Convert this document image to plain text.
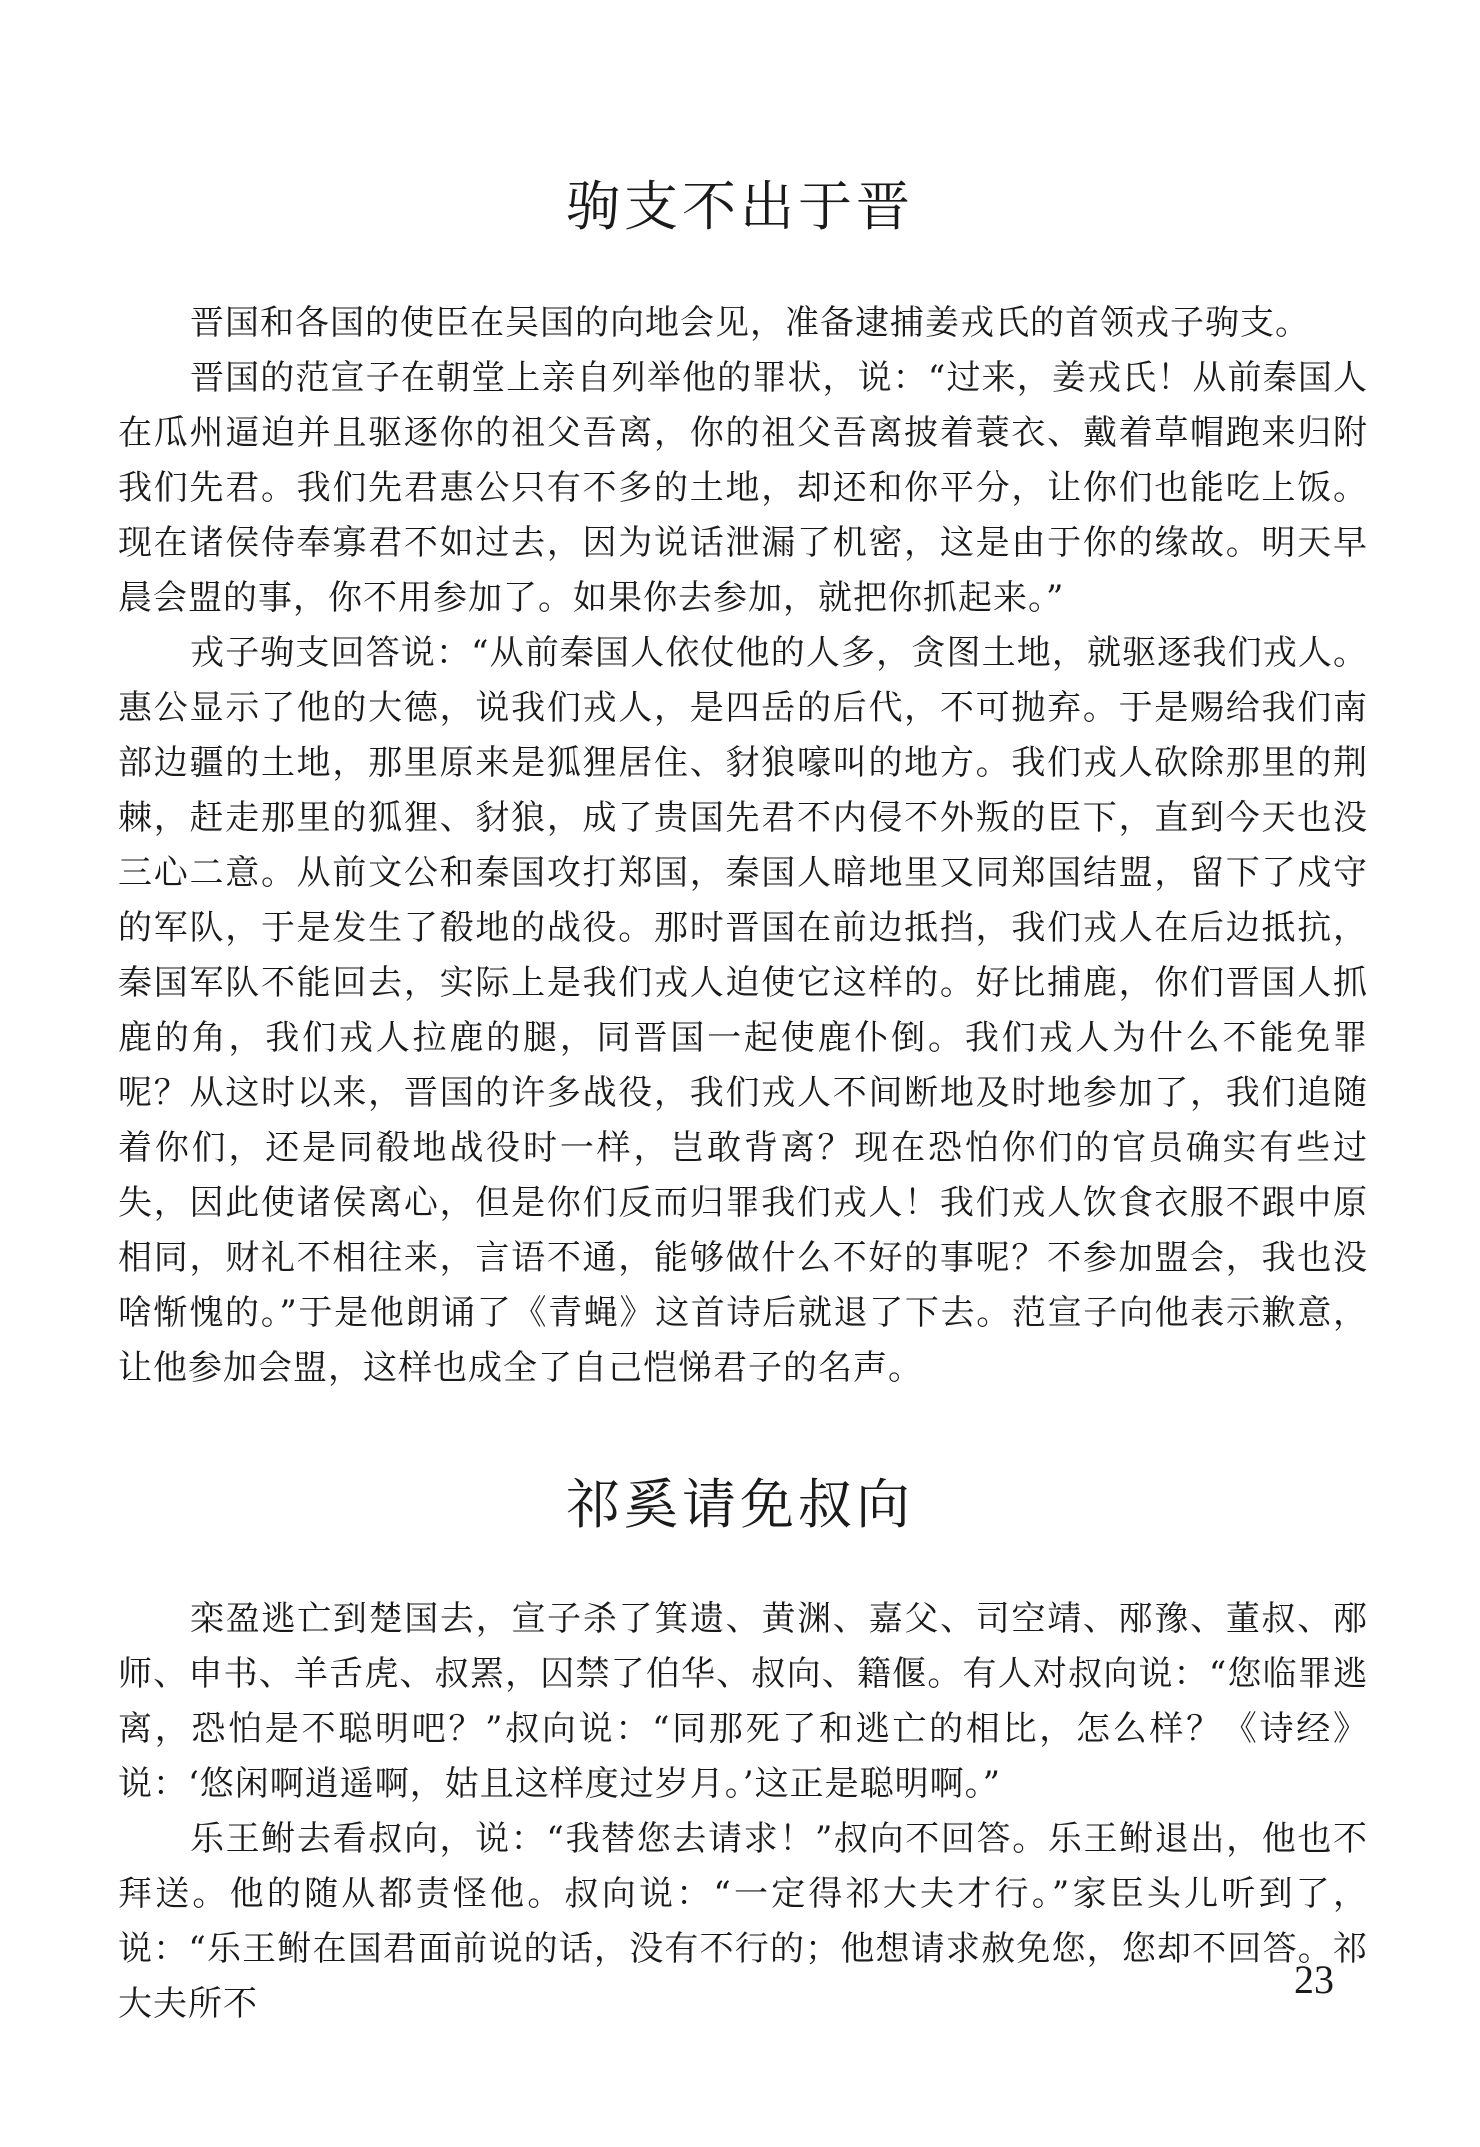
驹支不出于晋

晋国和各国的使臣在吴国的向地会见，准备逮捕姜戎氏的首领戎子驹支。

晋国的范宣子在朝堂上亲自列举他的罪状，说：“过来，姜戎氏！从前秦国人在瓜州逼迫并且驱逐你的祖父吾离，你的祖父吾离披着蓑衣、戴着草帽跑来归附我们先君。我们先君惠公只有不多的土地，却还和你平分，让你们也能吃上饭。现在诸侯侍奉寡君不如过去，因为说话泄漏了机密，这是由于你的缘故。明天早晨会盟的事，你不用参加了。如果你去参加，就把你抓起来。”

戎子驹支回答说：“从前秦国人依仗他的人多，贪图土地，就驱逐我们戎人。惠公显示了他的大德，说我们戎人，是四岳的后代，不可抛弃。于是赐给我们南部边疆的土地，那里原来是狐狸居住、豺狼嚎叫的地方。我们戎人砍除那里的荆棘，赶走那里的狐狸、豺狼，成了贵国先君不内侵不外叛的臣下，直到今天也没三心二意。从前文公和秦国攻打郑国，秦国人暗地里又同郑国结盟，留下了戍守的军队，于是发生了殽地的战役。那时晋国在前边抵挡，我们戎人在后边抵抗，秦国军队不能回去，实际上是我们戎人迫使它这样的。好比捕鹿，你们晋国人抓鹿的角，我们戎人拉鹿的腿，同晋国一起使鹿仆倒。我们戎人为什么不能免罪呢？从这时以来，晋国的许多战役，我们戎人不间断地及时地参加了，我们追随着你们，还是同殽地战役时一样，岂敢背离？现在恐怕你们的官员确实有些过失，因此使诸侯离心，但是你们反而归罪我们戎人！我们戎人饮食衣服不跟中原相同，财礼不相往来，言语不通，能够做什么不好的事呢？不参加盟会，我也没啥惭愧的。”于是他朗诵了《青蝇》这首诗后就退了下去。范宣子向他表示歉意，让他参加会盟，这样也成全了自己恺悌君子的名声。

祁奚请免叔向

栾盈逃亡到楚国去，宣子杀了箕遗、黄渊、嘉父、司空靖、邴豫、董叔、邴师、申书、羊舌虎、叔罴，囚禁了伯华、叔向、籍偃。有人对叔向说：“您临罪逃离，恐怕是不聪明吧？”叔向说：“同那死了和逃亡的相比，怎么样？《诗经》说：‘悠闲啊逍遥啊，姑且这样度过岁月。’这正是聪明啊。”

乐王鲋去看叔向，说：“我替您去请求！”叔向不回答。乐王鲋退出，他也不拜送。他的随从都责怪他。叔向说：“一定得祁大夫才行。”家臣头儿听到了，说：“乐王鲋在国君面前说的话，没有不行的；他想请求赦免您，您却不回答。祁大夫所不

23
